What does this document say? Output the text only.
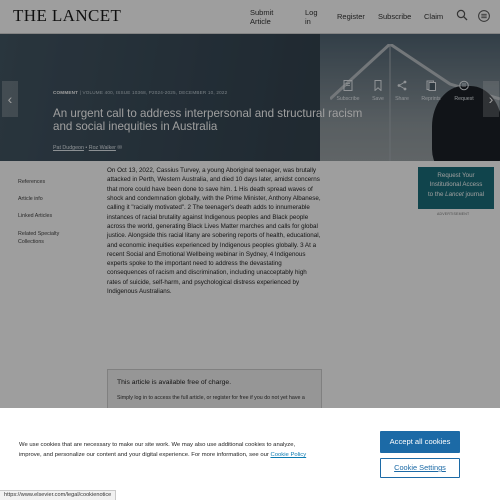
THE LANCET	Submit Article
Log in
Register Subscribe Claim
‹	›
COMMENT | VOLUME 400, ISSUE 10368, P2024-2025, DECEMBER 10, 2022
An urgent call to address interpersonal and structural racism and social inequities in Australia
Pat Dudgeon • Roz Walker ✉
Subscribe	Save	Share	Reprints	Request
References
Article info
Linked Articles
Related Specialty Collections
On Oct 13, 2022, Cassius Turvey, a young Aboriginal teenager, was brutally attacked in Perth, Western Australia, and died 10 days later, amidst concerns that more could have been done to save him. 1 His death spread waves of shock and condemnation globally, with the Prime Minister, Anthony Albanese, calling it "racially motivated". 2 The teenager's death adds to innumerable instances of racial brutality against Indigenous peoples and Black people across the world, generating Black Lives Matter marches and calls for global justice. Alongside this racial litany are sobering reports of health, educational, and economic inequities experienced by Indigenous peoples globally. 3 At a recent Social and Emotional Wellbeing webinar in Sydney, 4 Indigenous experts spoke to the important need to address the devastating consequences of racism and discrimination, including unacceptably high rates of suicide, self-harm, and psychological distress experienced by Indigenous Australians.
Request Your
Institutional Access
to the Lancet journal
ADVERTISEMENT
This article is available free of charge.
Simply log in to access the full article, or register for free if you do not yet have a
We use cookies that are necessary to make our site work. We may also use additional cookies to analyze, improve, and personalize our content and your digital experience. For more information, see our Cookie Policy
Accept all cookies
Cookie Settings
https://www.elsevier.com/legal/cookienotice
